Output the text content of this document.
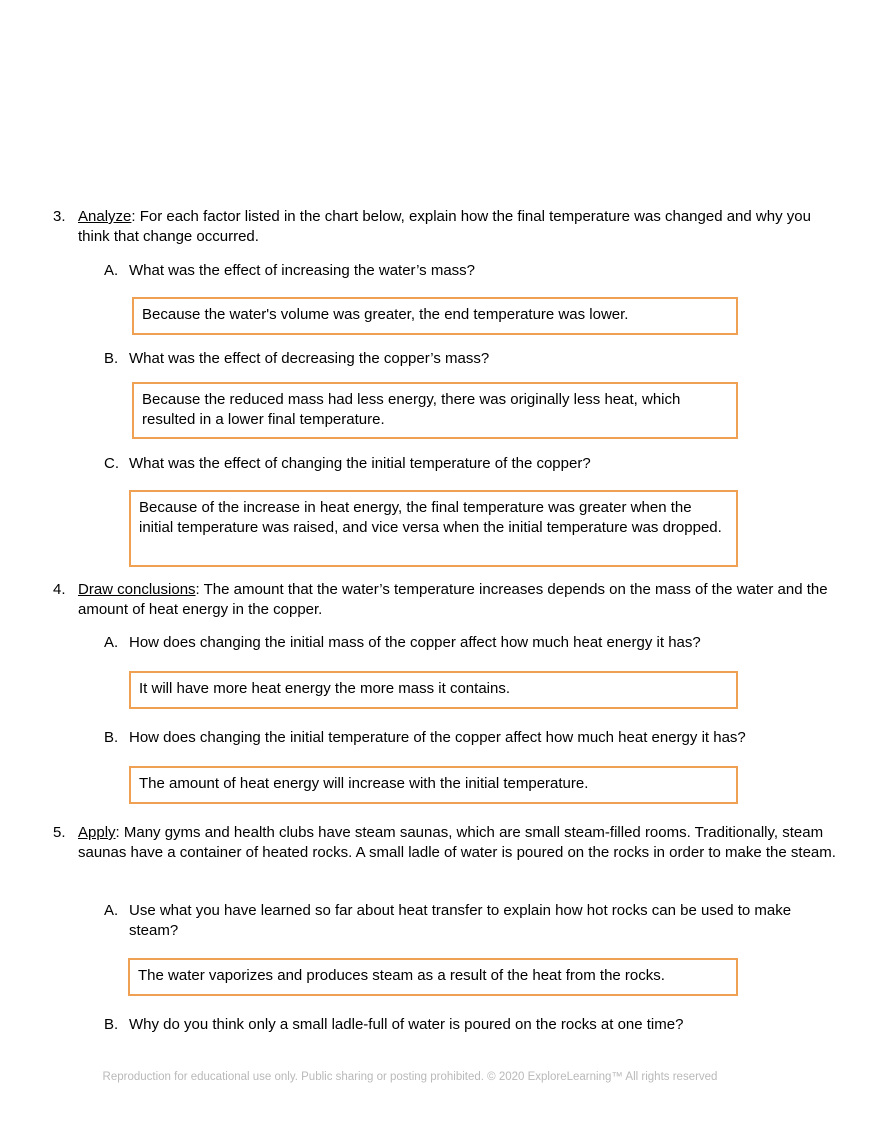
3. Analyze: For each factor listed in the chart below, explain how the final temperature was changed and why you think that change occurred.
A. What was the effect of increasing the water’s mass?
Because the water's volume was greater, the end temperature was lower.
B. What was the effect of decreasing the copper’s mass?
Because the reduced mass had less energy, there was originally less heat, which resulted in a lower final temperature.
C. What was the effect of changing the initial temperature of the copper?
Because of the increase in heat energy, the final temperature was greater when the initial temperature was raised, and vice versa when the initial temperature was dropped.
4. Draw conclusions: The amount that the water’s temperature increases depends on the mass of the water and the amount of heat energy in the copper.
A. How does changing the initial mass of the copper affect how much heat energy it has?
It will have more heat energy the more mass it contains.
B. How does changing the initial temperature of the copper affect how much heat energy it has?
The amount of heat energy will increase with the initial temperature.
5. Apply: Many gyms and health clubs have steam saunas, which are small steam-filled rooms. Traditionally, steam saunas have a container of heated rocks. A small ladle of water is poured on the rocks in order to make the steam.
A. Use what you have learned so far about heat transfer to explain how hot rocks can be used to make steam?
The water vaporizes and produces steam as a result of the heat from the rocks.
B. Why do you think only a small ladle-full of water is poured on the rocks at one time?
Reproduction for educational use only. Public sharing or posting prohibited. © 2020 ExploreLearning™ All rights reserved
